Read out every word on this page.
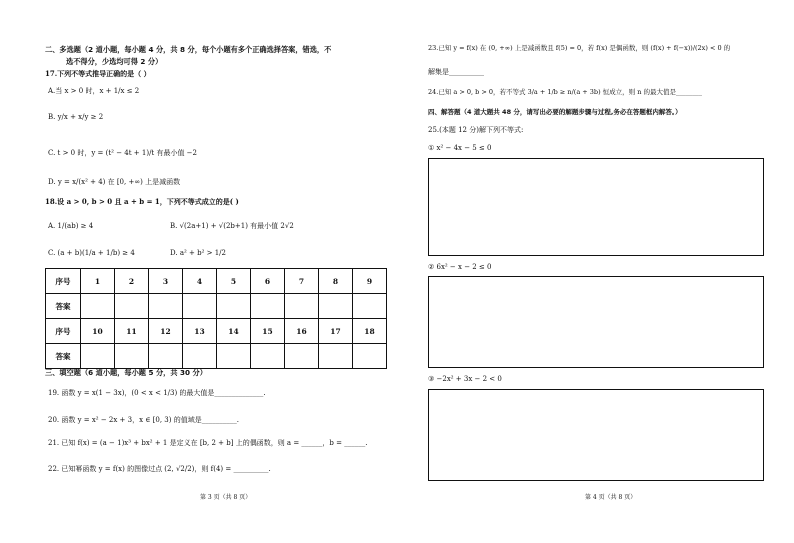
二、多选题（2 道小题，每小题 4 分，共 8 分，每个小题有多个正确选择答案，错选，不
选不得分，少选均可得 2 分）
17.下列不等式推导正确的是（ ）
A.当 x > 0 时，x + 1/x ≤ 2
B. y/x + x/y ≥ 2
C. t > 0 时，y = (t² − 4t + 1)/t 有最小值 −2
D. y = x/(x² + 4) 在 [0, +∞) 上是减函数
18.设 a > 0, b > 0 且 a + b = 1，下列不等式成立的是( )
A. 1/(ab) ≥ 4	B. √(2a+1) + √(2b+1) 有最小值 2√2
C. (a + b)(1/a + 1/b) ≥ 4	D. a² + b² > 1/2
序号	1	2	3	4	5	6	7	8	9
答案									
序号	10	11	12	13	14	15	16	17	18
答案									
三、填空题（6 道小题，每小题 5 分，共 30 分）
19. 函数 y = x(1 − 3x)，(0 < x < 1/3) 的最大值是______________.
20. 函数 y = x² − 2x + 3，x ∈ [0, 3) 的值域是__________.
21. 已知 f(x) = (a − 1)x³ + bx² + 1 是定义在 [b, 2 + b] 上的偶函数，则 a = ______，b = ______.
22. 已知幂函数 y = f(x) 的图像过点 (2, √2/2)，则 f(4) = __________.
第 3 页（共 8 页）
23.已知 y = f(x) 在 (0, +∞) 上是减函数且 f(5) = 0，若 f(x) 是偶函数，则 (f(x) + f(−x))/(2x) < 0 的
解集是__________
24.已知 a > 0, b > 0，若不等式 3/a + 1/b ≥ n/(a + 3b) 恒成立，则 n 的最大值是________
四、解答题（4 道大题共 48 分，请写出必要的解题步骤与过程,务必在答题框内解答。）
25.(本题 12 分)解下列不等式:
① x² − 4x − 5 ≤ 0
② 6x² − x − 2 ≤ 0
③ −2x² + 3x − 2 < 0
第 4 页（共 8 页）
